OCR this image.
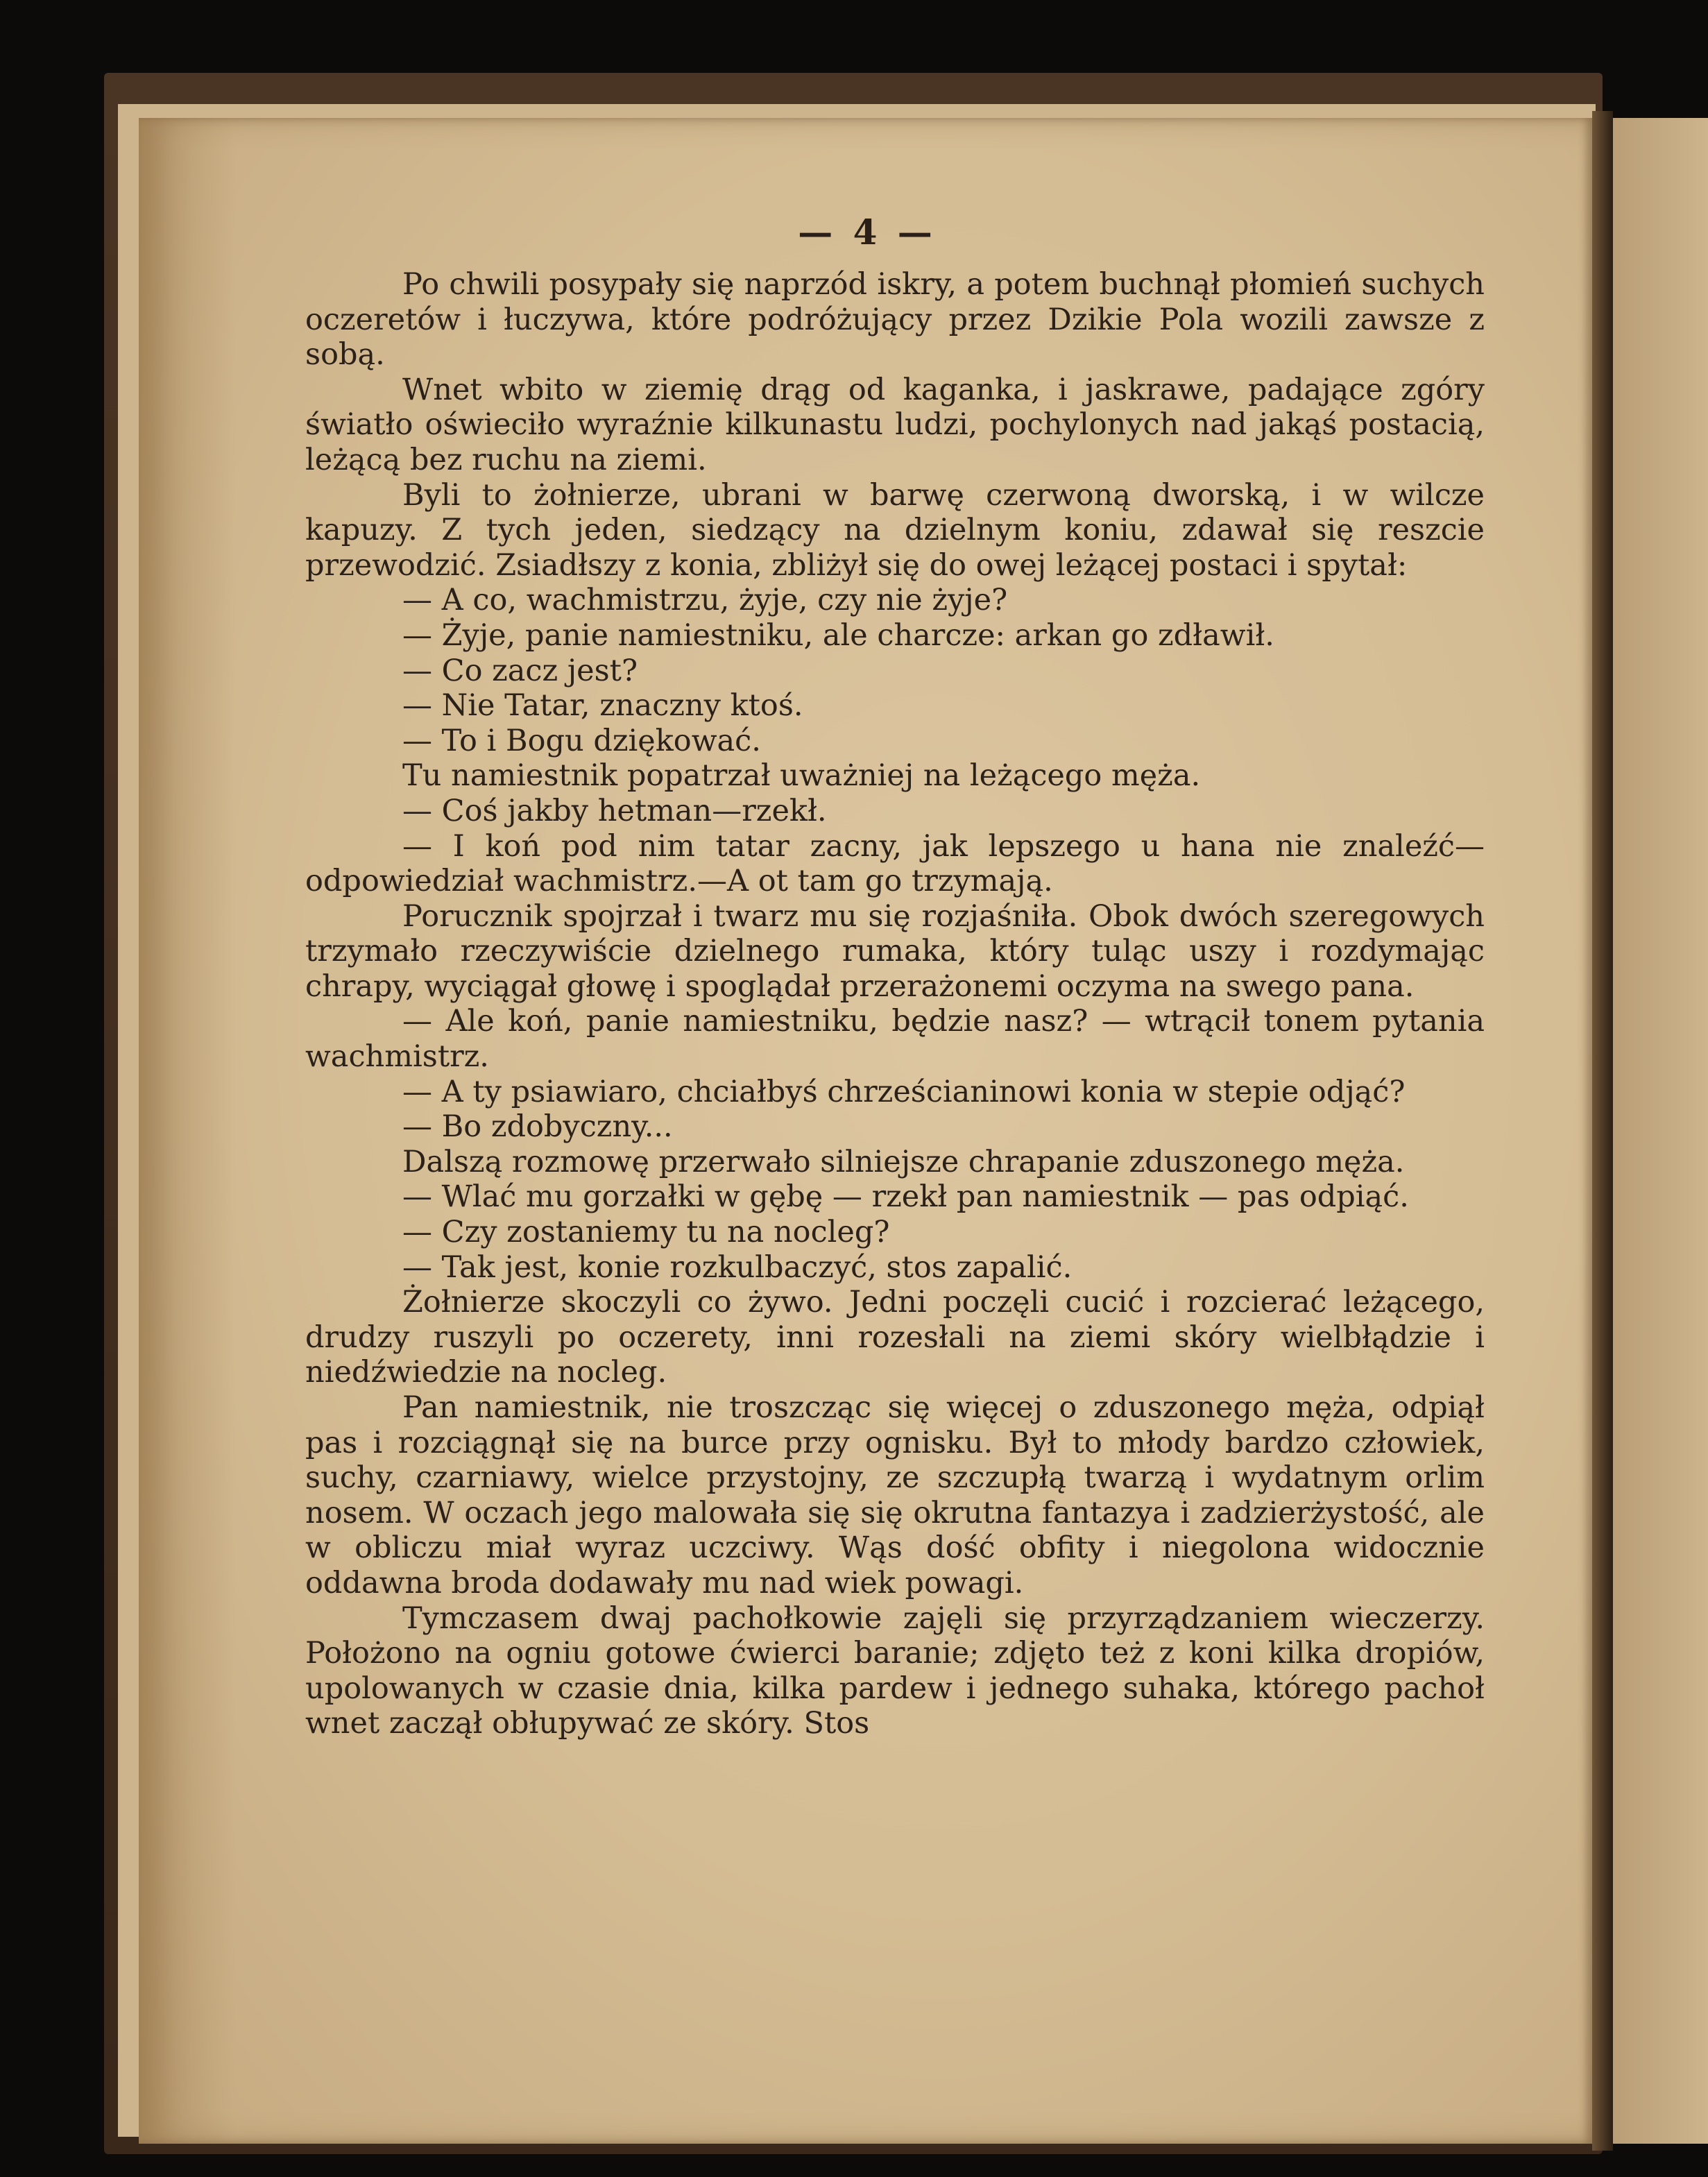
— 4 —

Po chwili posypały się naprzód iskry, a potem buchnął płomień suchych oczeretów i łuczywa, które podróżujący przez Dzikie Pola wozili zawsze z sobą.

Wnet wbito w ziemię drąg od kaganka, i jaskrawe, padające zgóry światło oświeciło wyraźnie kilkunastu ludzi, pochylonych nad jakąś postacią, leżącą bez ruchu na ziemi.

Byli to żołnierze, ubrani w barwę czerwoną dworską, i w wilcze kapuzy. Z tych jeden, siedzący na dzielnym koniu, zdawał się reszcie przewodzić. Zsiadłszy z konia, zbliżył się do owej leżącej postaci i spytał:

— A co, wachmistrzu, żyje, czy nie żyje?

— Żyje, panie namiestniku, ale charcze: arkan go zdławił.

— Co zacz jest?

— Nie Tatar, znaczny ktoś.

— To i Bogu dziękować.

Tu namiestnik popatrzał uważniej na leżącego męża.

— Coś jakby hetman—rzekł.

— I koń pod nim tatar zacny, jak lepszego u hana nie znaleźć—odpowiedział wachmistrz.—A ot tam go trzymają.

Porucznik spojrzał i twarz mu się rozjaśniła. Obok dwóch szeregowych trzymało rzeczywiście dzielnego rumaka, który tuląc uszy i rozdymając chrapy, wyciągał głowę i spoglądał przerażonemi oczyma na swego pana.

— Ale koń, panie namiestniku, będzie nasz? — wtrącił tonem pytania wachmistrz.

— A ty psiawiaro, chciałbyś chrześcianinowi konia w stepie odjąć?

— Bo zdobyczny...

Dalszą rozmowę przerwało silniejsze chrapanie zduszonego męża.

— Wlać mu gorzałki w gębę — rzekł pan namiestnik — pas odpiąć.

— Czy zostaniemy tu na nocleg?

— Tak jest, konie rozkulbaczyć, stos zapalić.

Żołnierze skoczyli co żywo. Jedni poczęli cucić i rozcierać leżącego, drudzy ruszyli po oczerety, inni rozesłali na ziemi skóry wielbłądzie i niedźwiedzie na nocleg.

Pan namiestnik, nie troszcząc się więcej o zduszonego męża, odpiął pas i rozciągnął się na burce przy ognisku. Był to młody bardzo człowiek, suchy, czarniawy, wielce przystojny, ze szczupłą twarzą i wydatnym orlim nosem. W oczach jego malowała się się okrutna fantazya i zadzierżystość, ale w obliczu miał wyraz uczciwy. Wąs dość obfity i niegolona widocznie oddawna broda dodawały mu nad wiek powagi.

Tymczasem dwaj pachołkowie zajęli się przyrządzaniem wieczerzy. Położono na ogniu gotowe ćwierci baranie; zdjęto też z koni kilka dropiów, upolowanych w czasie dnia, kilka pardew i jednego suhaka, którego pachoł wnet zaczął obłupywać ze skóry. Stos
